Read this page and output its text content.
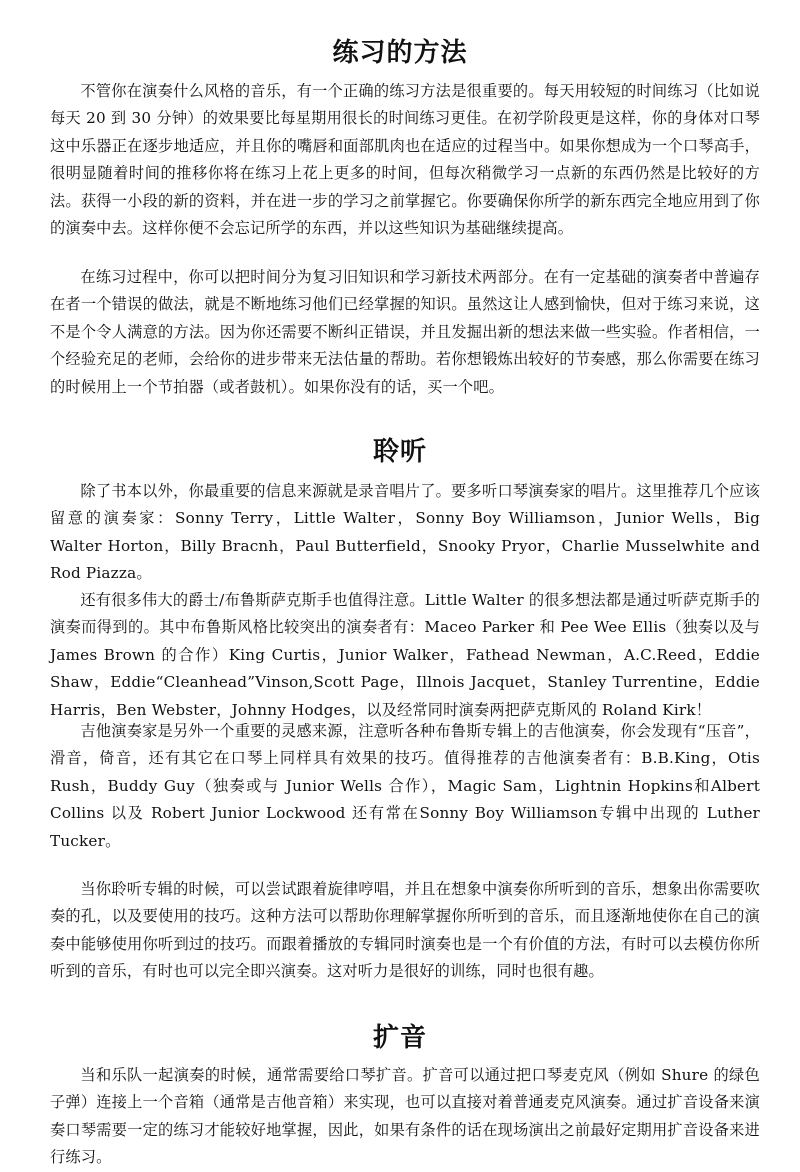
练习的方法

不管你在演奏什么风格的音乐，有一个正确的练习方法是很重要的。每天用较短的时间练习（比如说每天 20 到 30 分钟）的效果要比每星期用很长的时间练习更佳。在初学阶段更是这样，你的身体对口琴这中乐器正在逐步地适应，并且你的嘴唇和面部肌肉也在适应的过程当中。如果你想成为一个口琴高手，很明显随着时间的推移你将在练习上花上更多的时间，但每次稍微学习一点新的东西仍然是比较好的方法。获得一小段的新的资料，并在进一步的学习之前掌握它。你要确保你所学的新东西完全地应用到了你的演奏中去。这样你便不会忘记所学的东西，并以这些知识为基础继续提高。

在练习过程中，你可以把时间分为复习旧知识和学习新技术两部分。在有一定基础的演奏者中普遍存在者一个错误的做法，就是不断地练习他们已经掌握的知识。虽然这让人感到愉快，但对于练习来说，这不是个令人满意的方法。因为你还需要不断纠正错误，并且发掘出新的想法来做一些实验。作者相信，一个经验充足的老师，会给你的进步带来无法估量的帮助。若你想锻炼出较好的节奏感，那么你需要在练习的时候用上一个节拍器（或者鼓机）。如果你没有的话，买一个吧。

聆听

除了书本以外，你最重要的信息来源就是录音唱片了。要多听口琴演奏家的唱片。这里推荐几个应该留意的演奏家：Sonny Terry，Little Walter，Sonny Boy Williamson，Junior Wells，Big Walter Horton，Billy Bracnh，Paul Butterfield，Snooky Pryor，Charlie Musselwhite and Rod Piazza。

还有很多伟大的爵士/布鲁斯萨克斯手也值得注意。Little Walter 的很多想法都是通过听萨克斯手的演奏而得到的。其中布鲁斯风格比较突出的演奏者有：Maceo Parker 和 Pee Wee Ellis（独奏以及与 James Brown 的合作）King Curtis，Junior Walker，Fathead Newman，A.C.Reed，Eddie Shaw，Eddie“Cleanhead”Vinson,Scott Page，Illnois Jacquet，Stanley Turrentine，Eddie Harris，Ben Webster，Johnny Hodges，以及经常同时演奏两把萨克斯风的 Roland Kirk！

吉他演奏家是另外一个重要的灵感来源，注意听各种布鲁斯专辑上的吉他演奏，你会发现有“压音”，滑音，倚音，还有其它在口琴上同样具有效果的技巧。值得推荐的吉他演奏者有：B.B.King，Otis Rush，Buddy Guy（独奏或与 Junior Wells 合作），Magic Sam，Lightnin Hopkins和Albert Collins 以及 Robert Junior Lockwood 还有常在Sonny Boy Williamson专辑中出现的 Luther Tucker。

当你聆听专辑的时候，可以尝试跟着旋律哼唱，并且在想象中演奏你所听到的音乐，想象出你需要吹奏的孔，以及要使用的技巧。这种方法可以帮助你理解掌握你所听到的音乐，而且逐渐地使你在自己的演奏中能够使用你听到过的技巧。而跟着播放的专辑同时演奏也是一个有价值的方法，有时可以去模仿你所听到的音乐，有时也可以完全即兴演奏。这对听力是很好的训练，同时也很有趣。

扩音

当和乐队一起演奏的时候，通常需要给口琴扩音。扩音可以通过把口琴麦克风（例如 Shure 的绿色子弹）连接上一个音箱（通常是吉他音箱）来实现，也可以直接对着普通麦克风演奏。通过扩音设备来演奏口琴需要一定的练习才能较好地掌握，因此，如果有条件的话在现场演出之前最好定期用扩音设备来进行练习。
